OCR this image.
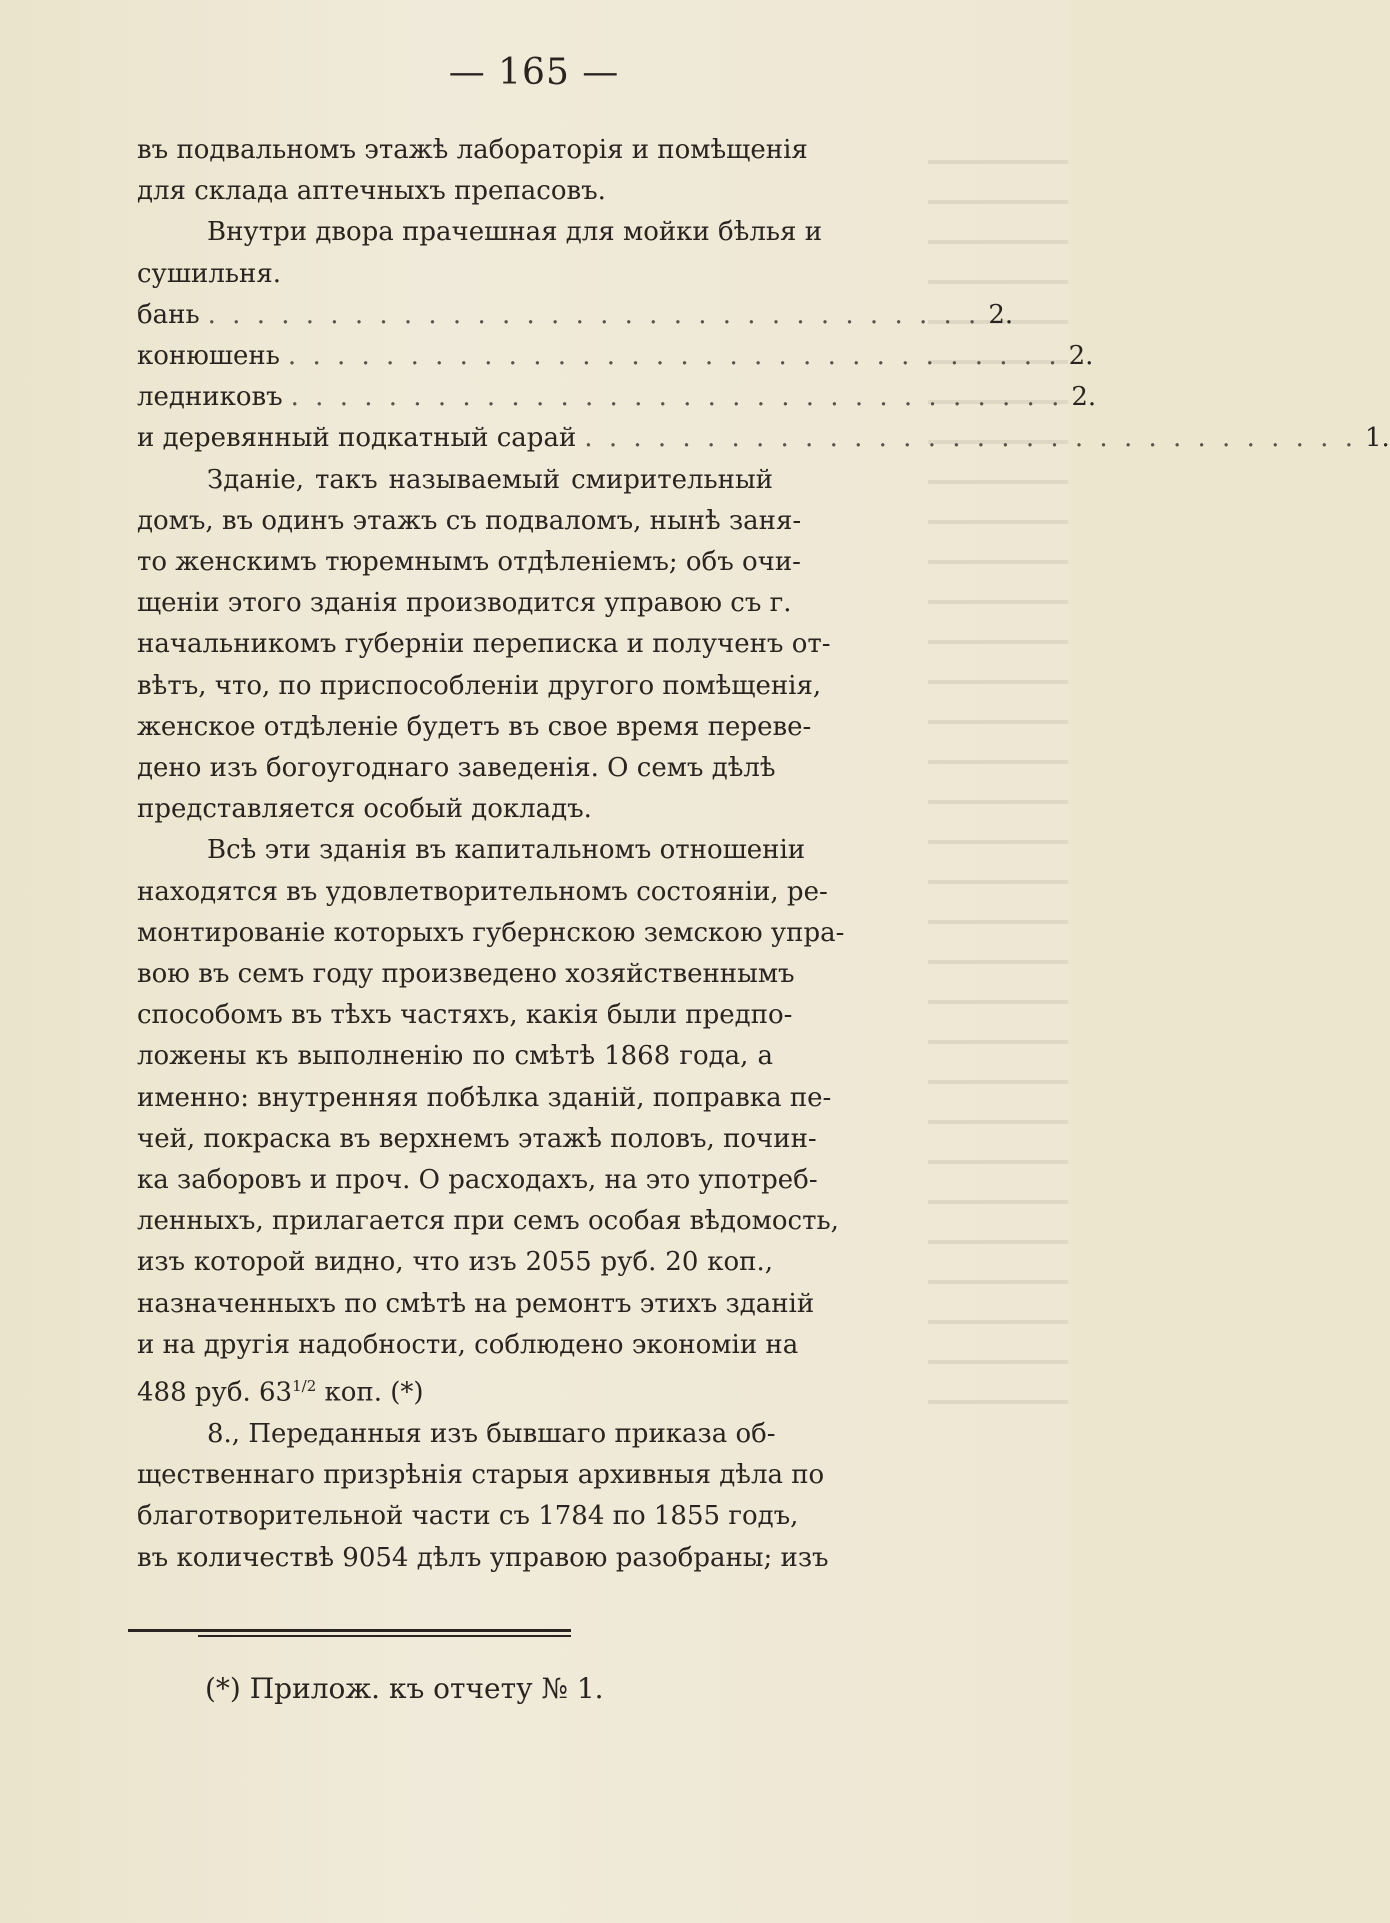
— 165 —
въ подвальномъ этажѣ лабораторія и помѣщенія
для склада аптечныхъ препасовъ.
Внутри двора прачешная для мойки бѣлья и
сушильня.
бань . . . . . . . . . . . . . . . . . . . . . . . . . . . . . . . . 2.
конюшень . . . . . . . . . . . . . . . . . . . . . . . . . . . . . . . . 2.
ледниковъ . . . . . . . . . . . . . . . . . . . . . . . . . . . . . . . . 2.
и деревянный подкатный сарай . . . . . . . . . . . . . . . . . . . . . . . . . . . . . . . . 1.
Зданіе, такъ называемый смирительный
домъ, въ одинъ этажъ съ подваломъ, нынѣ заня-
то женскимъ тюремнымъ отдѣленіемъ; объ очи-
щеніи этого зданія производится управою съ г.
начальникомъ губерніи переписка и полученъ от-
вѣтъ, что, по приспособленіи другого помѣщенія,
женское отдѣленіе будетъ въ свое время переве-
дено изъ богоугоднаго заведенія. О семъ дѣлѣ
представляется особый докладъ.
Всѣ эти зданія въ капитальномъ отношеніи
находятся въ удовлетворительномъ состояніи, ре-
монтированіе которыхъ губернскою земскою упра-
вою въ семъ году произведено хозяйственнымъ
способомъ въ тѣхъ частяхъ, какія были предпо-
ложены къ выполненію по смѣтѣ 1868 года, а
именно: внутренняя побѣлка зданій, поправка пе-
чей, покраска въ верхнемъ этажѣ половъ, почин-
ка заборовъ и проч. О расходахъ, на это употреб-
ленныхъ, прилагается при семъ особая вѣдомость,
изъ которой видно, что изъ 2055 руб. 20 коп.,
назначенныхъ по смѣтѣ на ремонтъ этихъ зданій
и на другія надобности, соблюдено экономіи на
488 руб. $63^{1/2}$ коп. (*)
8., Переданныя изъ бывшаго приказа об-
щественнаго призрѣнія старыя архивныя дѣла по
благотворительной части съ 1784 по 1855 годъ,
въ количествѣ 9054 дѣлъ управою разобраны; изъ
(*) Прилож. къ отчету № 1.
